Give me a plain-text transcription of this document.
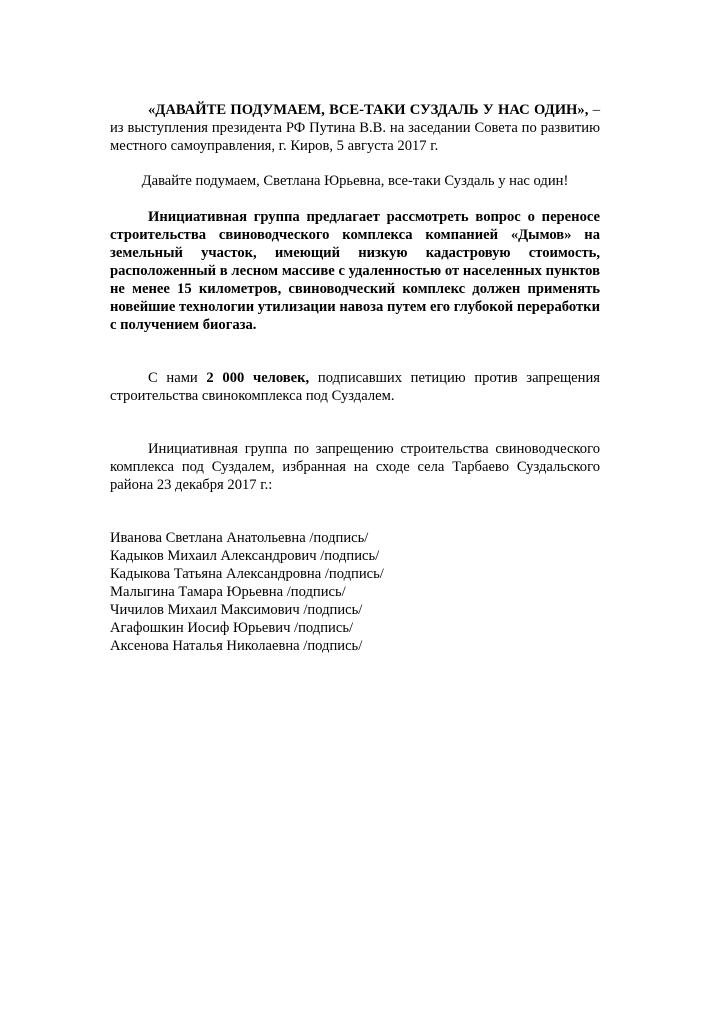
«ДАВАЙТЕ ПОДУМАЕМ, ВСЕ-ТАКИ СУЗДАЛЬ У НАС ОДИН», –

из выступления президента РФ Путина В.В. на заседании Совета по развитию

местного самоуправления, г. Киров, 5 августа 2017 г.

Давайте подумаем, Светлана Юрьевна, все-таки Суздаль у нас один!

Инициативная группа предлагает рассмотреть вопрос о переносе строительства свиноводческого комплекса компанией «Дымов» на земельный участок, имеющий низкую кадастровую стоимость, расположенный в лесном массиве с удаленностью от населенных пунктов не менее 15 километров, свиноводческий комплекс должен применять новейшие технологии утилизации навоза путем его глубокой переработки с получением биогаза.

С нами 2 000 человек, подписавших петицию против запрещения строительства свинокомплекса под Суздалем.

Инициативная группа по запрещению строительства свиноводческого комплекса под Суздалем, избранная на сходе села Тарбаево Суздальского района 23 декабря 2017 г.:

Иванова Светлана Анатольевна /подпись/

Кадыков Михаил Александрович /подпись/

Кадыкова Татьяна Александровна /подпись/

Малыгина Тамара Юрьевна /подпись/

Чичилов Михаил Максимович /подпись/

Агафошкин Иосиф Юрьевич /подпись/

Аксенова Наталья Николаевна /подпись/
